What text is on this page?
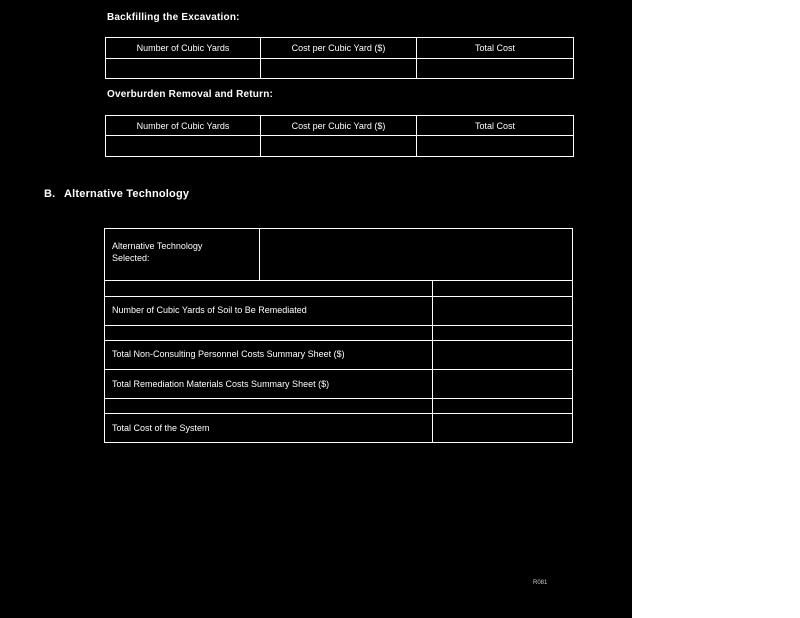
Backfilling the Excavation:
Number of Cubic Yards	Cost per Cubic Yard ($)	Total Cost

Overburden Removal and Return:
Number of Cubic Yards	Cost per Cubic Yard ($)	Total Cost

B. Alternative Technology
Alternative Technology
Selected:
Number of Cubic Yards of Soil to Be Remediated
Total Non-Consulting Personnel Costs Summary Sheet ($)
Total Remediation Materials Costs Summary Sheet ($)
Total Cost of the System
R081
